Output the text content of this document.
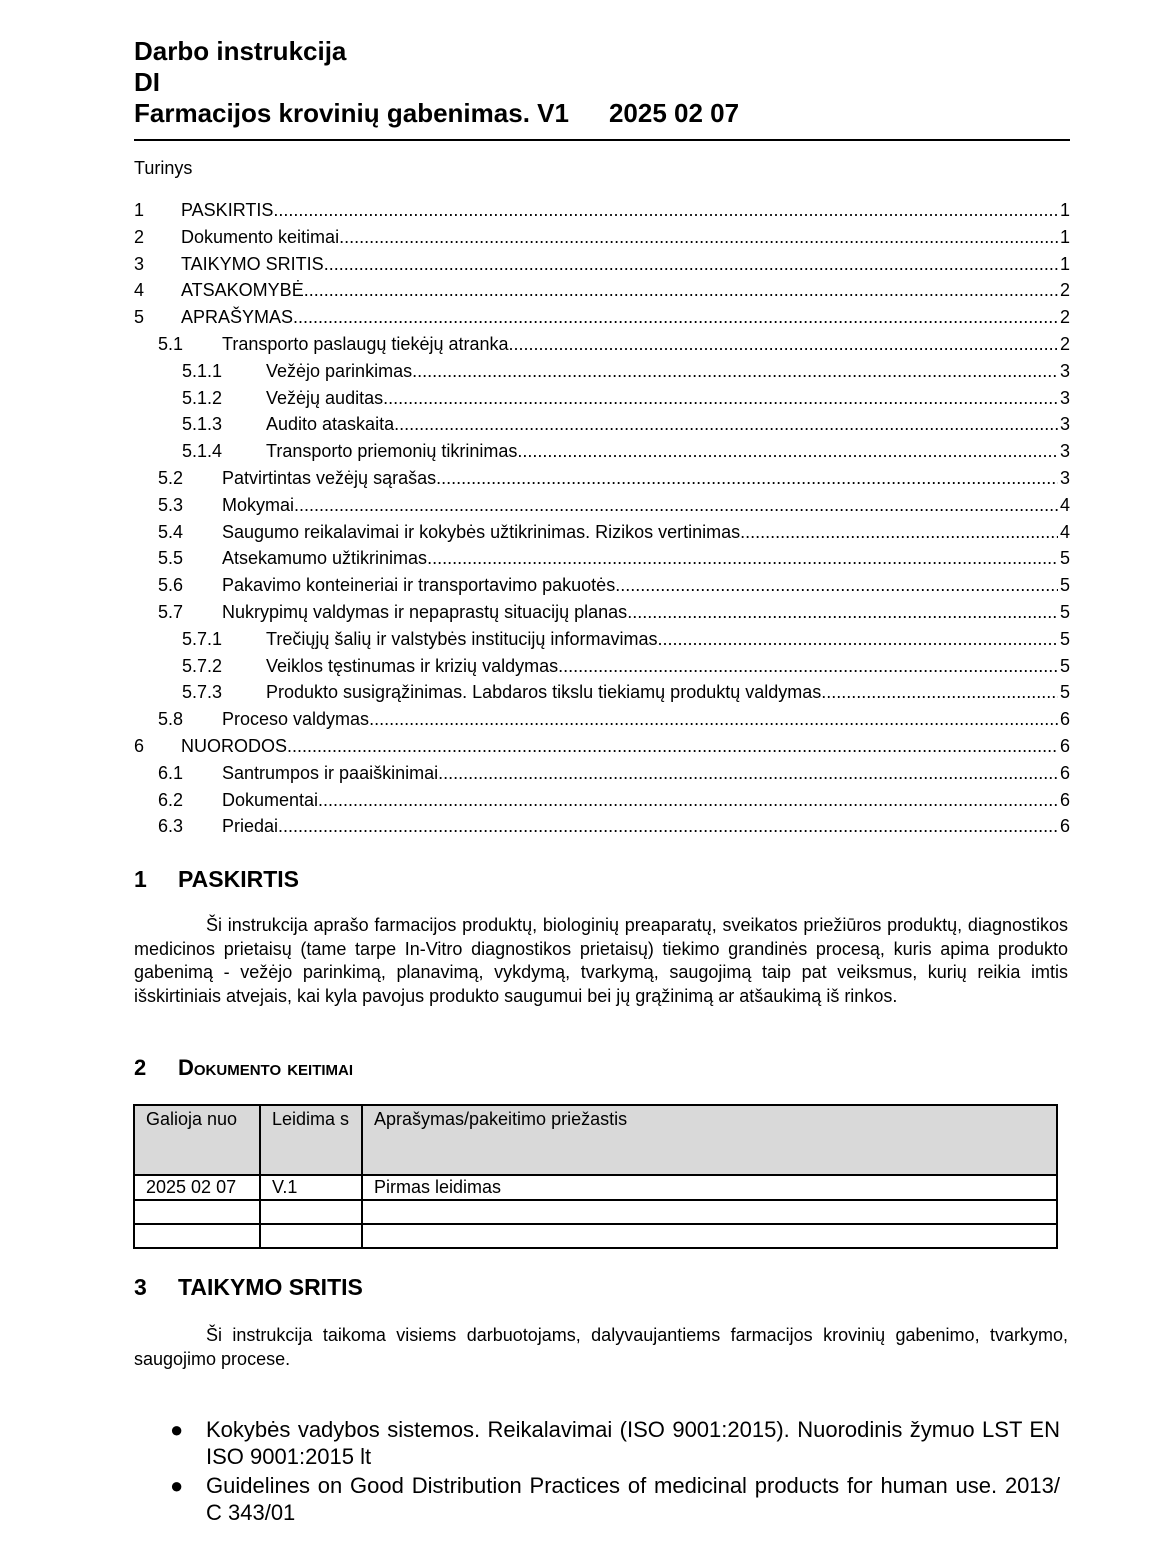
Darbo instrukcija
DI
Farmacijos krovinių gabenimas. V1 2025 02 07
Turinys
1	PASKIRTIS .....	1
2	Dokumento keitimai .....	1
3	TAIKYMO SRITIS .....	1
4	ATSAKOMYBĖ .....	2
5	APRAŠYMAS .....	2
5.1	Transporto paslaugų tiekėjų atranka .....	2
5.1.1	Vežėjo parinkimas .....	3
5.1.2	Vežėjų auditas .....	3
5.1.3	Audito ataskaita .....	3
5.1.4	Transporto priemonių tikrinimas .....	3
5.2	Patvirtintas vežėjų sąrašas .....	3
5.3	Mokymai .....	4
5.4	Saugumo reikalavimai ir kokybės užtikrinimas. Rizikos vertinimas .....	4
5.5	Atsekamumo užtikrinimas .....	5
5.6	Pakavimo konteineriai ir transportavimo pakuotės .....	5
5.7	Nukrypimų valdymas ir nepaprastų situacijų planas .....	5
5.7.1	Trečiųjų šalių ir valstybės institucijų informavimas .....	5
5.7.2	Veiklos tęstinumas ir krizių valdymas .....	5
5.7.3	Produkto susigrąžinimas. Labdaros tikslu tiekiamų produktų valdymas .....	5
5.8	Proceso valdymas .....	6
6	NUORODOS .....	6
6.1	Santrumpos ir paaiškinimai .....	6
6.2	Dokumentai .....	6
6.3	Priedai .....	6
1 PASKIRTIS
Ši instrukcija aprašo farmacijos produktų, biologinių preaparatų, sveikatos priežiūros produktų, diagnostikos medicinos prietaisų (tame tarpe In-Vitro diagnostikos prietaisų) tiekimo grandinės procesą, kuris apima produkto gabenimą - vežėjo parinkimą, planavimą, vykdymą, tvarkymą, saugojimą taip pat veiksmus, kurių reikia imtis išskirtiniais atvejais, kai kyla pavojus produkto saugumui bei jų grąžinimą ar atšaukimą iš rinkos.
2 Dokumento keitimai
Galioja nuo	Leidima s	Aprašymas/pakeitimo priežastis
2025 02 07	V.1	Pirmas leidimas

3 TAIKYMO SRITIS
Ši instrukcija taikoma visiems darbuotojams, dalyvaujantiems farmacijos krovinių gabenimo, tvarkymo, saugojimo procese.
● Kokybės vadybos sistemos. Reikalavimai (ISO 9001:2015). Nuorodinis žymuo LST EN ISO 9001:2015 lt
● Guidelines on Good Distribution Practices of medicinal products for human use. 2013/ C 343/01
